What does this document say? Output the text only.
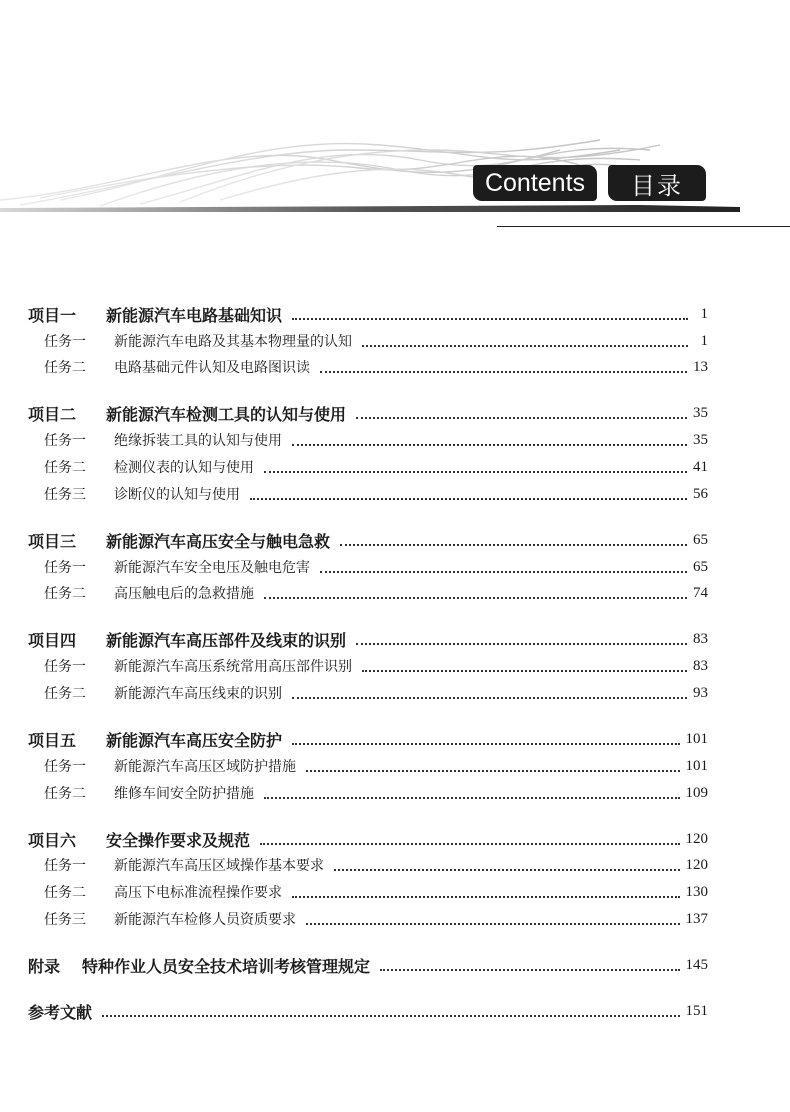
Contents	目录
项目一	新能源汽车电路基础知识	1
任务一	新能源汽车电路及其基本物理量的认知	1
任务二	电路基础元件认知及电路图识读	13
项目二	新能源汽车检测工具的认知与使用	35
任务一	绝缘拆装工具的认知与使用	35
任务二	检测仪表的认知与使用	41
任务三	诊断仪的认知与使用	56
项目三	新能源汽车高压安全与触电急救	65
任务一	新能源汽车安全电压及触电危害	65
任务二	高压触电后的急救措施	74
项目四	新能源汽车高压部件及线束的识别	83
任务一	新能源汽车高压系统常用高压部件识别	83
任务二	新能源汽车高压线束的识别	93
项目五	新能源汽车高压安全防护	101
任务一	新能源汽车高压区域防护措施	101
任务二	维修车间安全防护措施	109
项目六	安全操作要求及规范	120
任务一	新能源汽车高压区域操作基本要求	120
任务二	高压下电标准流程操作要求	130
任务三	新能源汽车检修人员资质要求	137
附录	特种作业人员安全技术培训考核管理规定	145
参考文献	151
